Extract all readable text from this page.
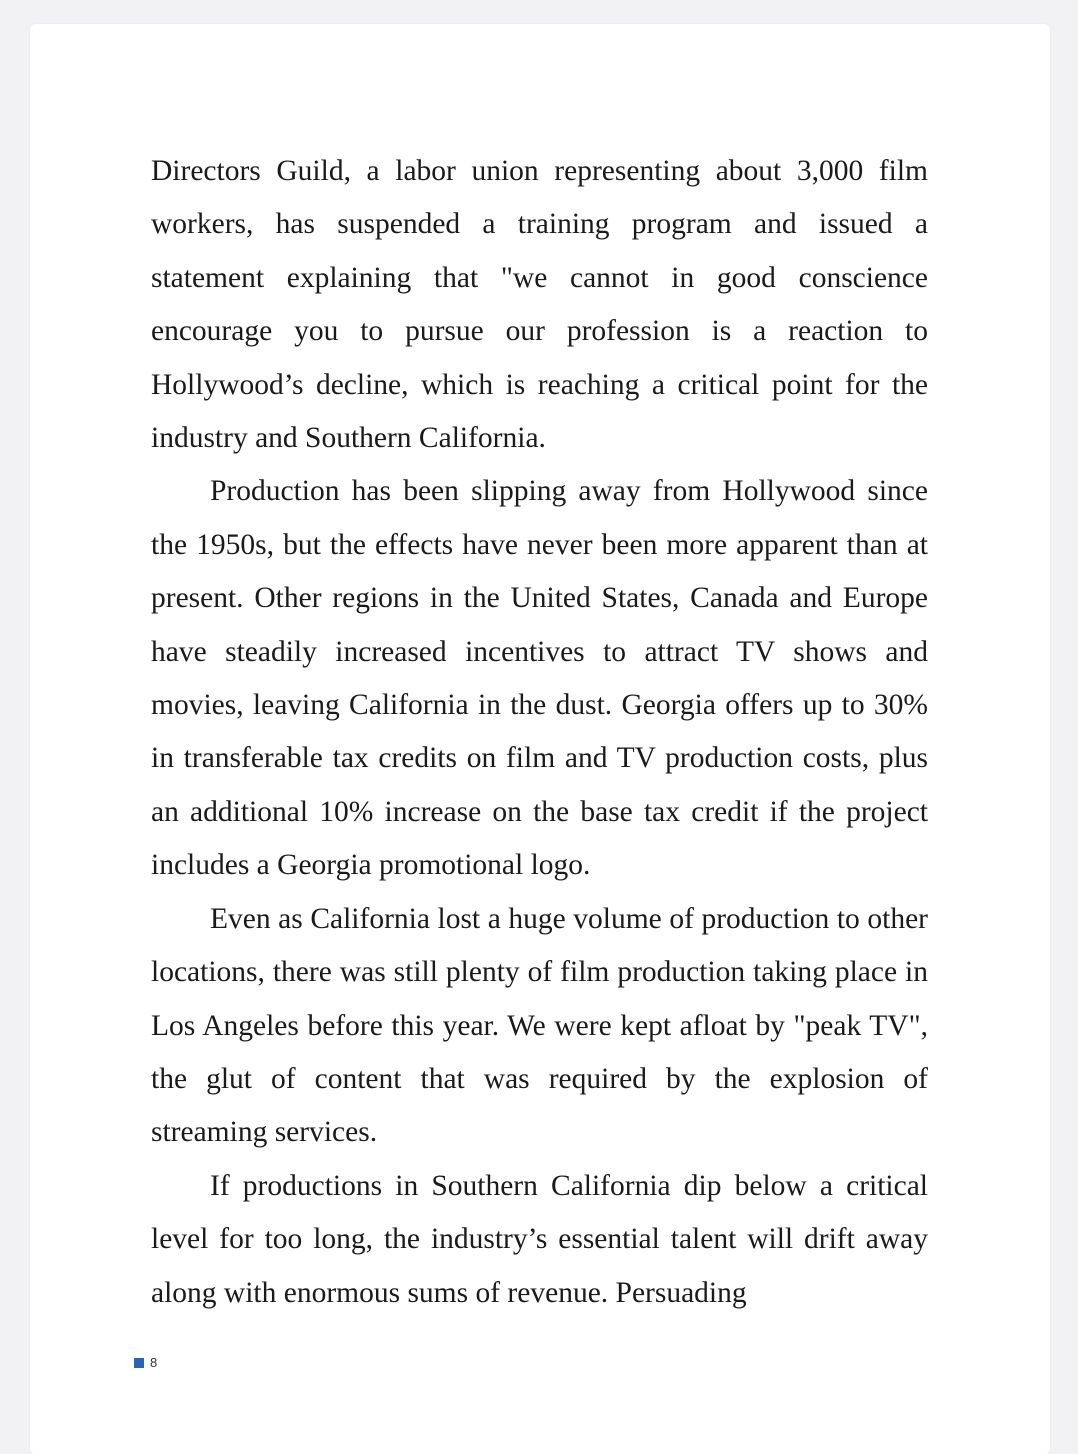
Directors Guild, a labor union representing about 3,000 film workers, has suspended a training program and issued a statement explaining that "we cannot in good conscience encourage you to pursue our profession is a reaction to Hollywood’s decline, which is reaching a critical point for the industry and Southern California.

Production has been slipping away from Hollywood since the 1950s, but the effects have never been more apparent than at present. Other regions in the United States, Canada and Europe have steadily increased incentives to attract TV shows and movies, leaving California in the dust. Georgia offers up to 30% in transferable tax credits on film and TV production costs, plus an additional 10% increase on the base tax credit if the project includes a Georgia promotional logo.

Even as California lost a huge volume of production to other locations, there was still plenty of film production taking place in Los Angeles before this year. We were kept afloat by "peak TV", the glut of content that was required by the explosion of streaming services.

If productions in Southern California dip below a critical level for too long, the industry’s essential talent will drift away along with enormous sums of revenue. Persuading

8
